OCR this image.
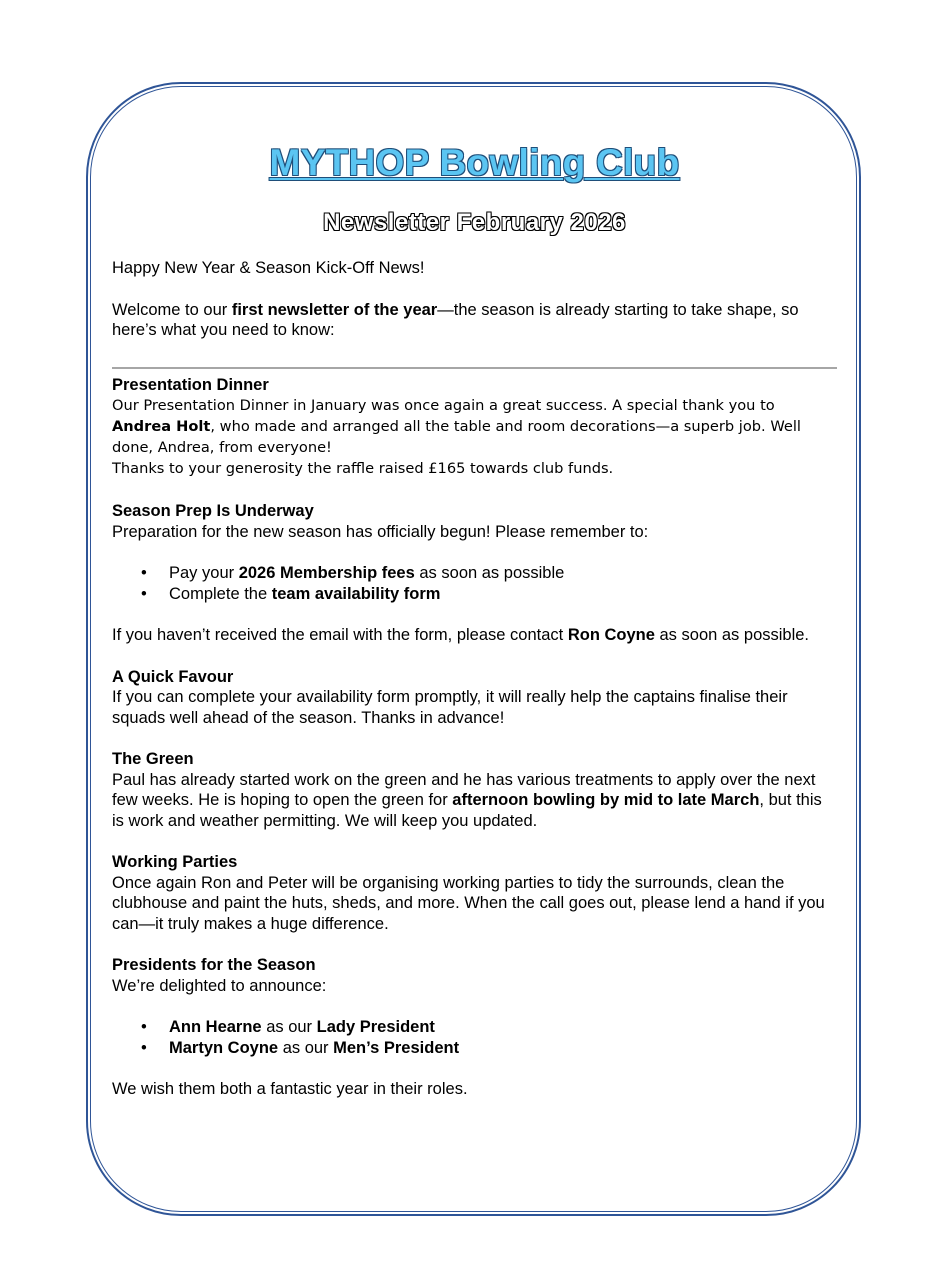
MYTHOP Bowling Club
Newsletter February 2026

Happy New Year & Season Kick-Off News!

Welcome to our first newsletter of the year—the season is already starting to take shape, so here’s what you need to know:

Presentation Dinner

Our Presentation Dinner in January was once again a great success. A special thank you to Andrea Holt, who made and arranged all the table and room decorations—a superb job. Well done, Andrea, from everyone!

Thanks to your generosity the raffle raised £165 towards club funds.

Season Prep Is Underway

Preparation for the new season has officially begun! Please remember to:

• Pay your 2026 Membership fees as soon as possible
• Complete the team availability form

If you haven’t received the email with the form, please contact Ron Coyne as soon as possible.

A Quick Favour

If you can complete your availability form promptly, it will really help the captains finalise their squads well ahead of the season. Thanks in advance!

The Green

Paul has already started work on the green and he has various treatments to apply over the next few weeks. He is hoping to open the green for afternoon bowling by mid to late March, but this is work and weather permitting. We will keep you updated.

Working Parties

Once again Ron and Peter will be organising working parties to tidy the surrounds, clean the clubhouse and paint the huts, sheds, and more. When the call goes out, please lend a hand if you can—it truly makes a huge difference.

Presidents for the Season

We’re delighted to announce:

• Ann Hearne as our Lady President
• Martyn Coyne as our Men’s President

We wish them both a fantastic year in their roles.
